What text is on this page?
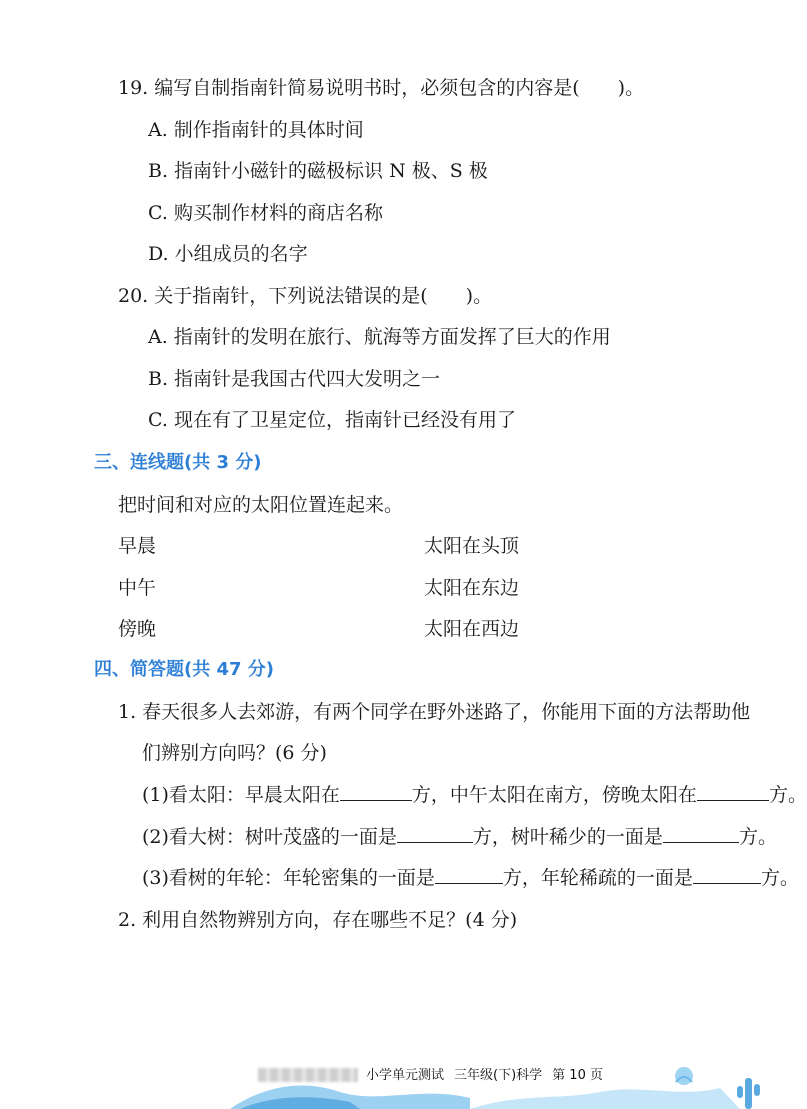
19. 编写自制指南针简易说明书时，必须包含的内容是(　　)。
A. 制作指南针的具体时间
B. 指南针小磁针的磁极标识 N 极、S 极
C. 购买制作材料的商店名称
D. 小组成员的名字
20. 关于指南针，下列说法错误的是(　　)。
A. 指南针的发明在旅行、航海等方面发挥了巨大的作用
B. 指南针是我国古代四大发明之一
C. 现在有了卫星定位，指南针已经没有用了
三、连线题(共 3 分)
把时间和对应的太阳位置连起来。
早晨	太阳在头顶
中午	太阳在东边
傍晚	太阳在西边
四、简答题(共 47 分)
1. 春天很多人去郊游，有两个同学在野外迷路了，你能用下面的方法帮助他
们辨别方向吗？(6 分)
(1)看太阳：早晨太阳在	方，中午太阳在南方，傍晚太阳在	方。
(2)看大树：树叶茂盛的一面是	方，树叶稀少的一面是	方。
(3)看树的年轮：年轮密集的一面是	方，年轮稀疏的一面是	方。
2. 利用自然物辨别方向，存在哪些不足？(4 分)
小学单元测试 三年级(下)科学 第 10 页
